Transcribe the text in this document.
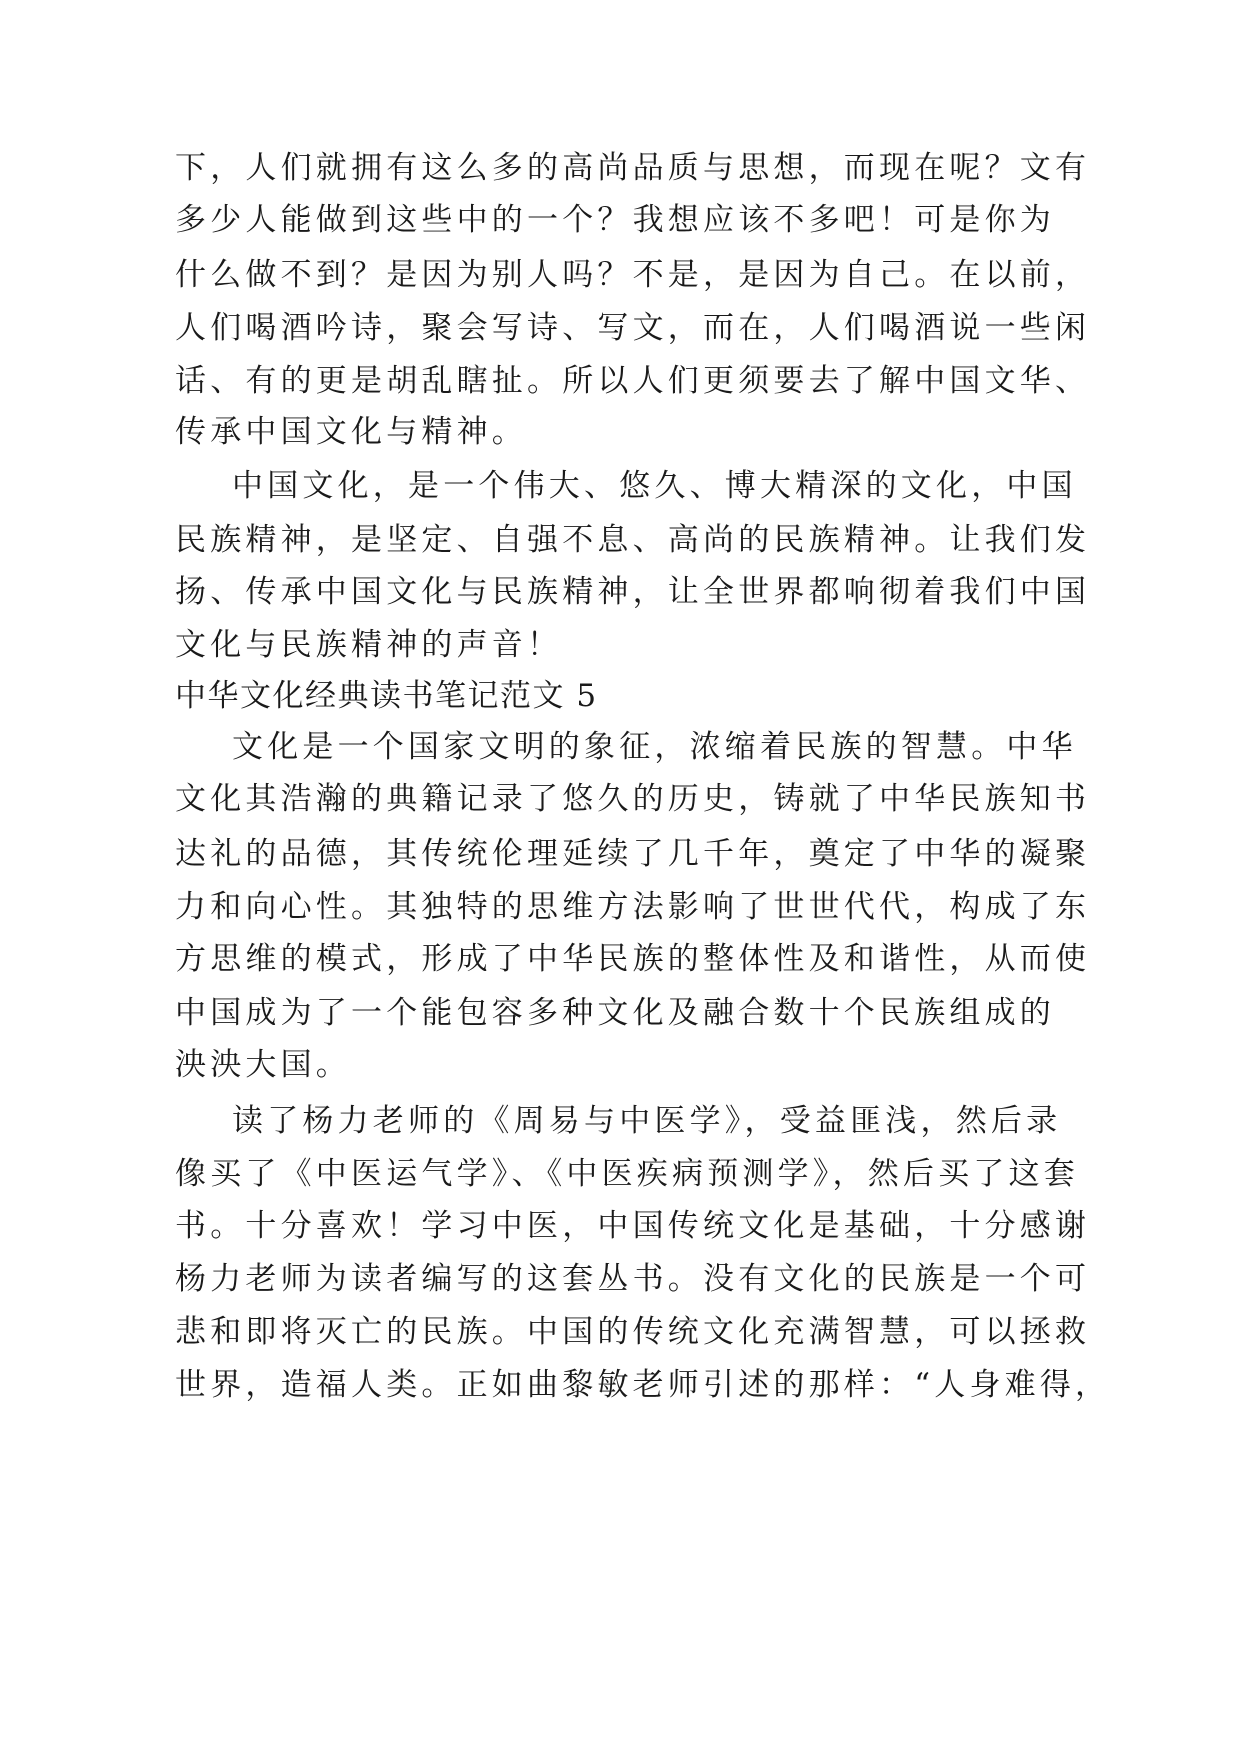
下，人们就拥有这么多的高尚品质与思想，而现在呢？文有
多少人能做到这些中的一个？我想应该不多吧！可是你为
什么做不到？是因为别人吗？不是，是因为自己。在以前，
人们喝酒吟诗，聚会写诗、写文，而在，人们喝酒说一些闲
话、有的更是胡乱瞎扯。所以人们更须要去了解中国文华、
传承中国文化与精神。
中国文化，是一个伟大、悠久、博大精深的文化，中国
民族精神，是坚定、自强不息、高尚的民族精神。让我们发
扬、传承中国文化与民族精神，让全世界都响彻着我们中国
文化与民族精神的声音！
中华文化经典读书笔记范文 5
文化是一个国家文明的象征，浓缩着民族的智慧。中华
文化其浩瀚的典籍记录了悠久的历史，铸就了中华民族知书
达礼的品德，其传统伦理延续了几千年，奠定了中华的凝聚
力和向心性。其独特的思维方法影响了世世代代，构成了东
方思维的模式，形成了中华民族的整体性及和谐性，从而使
中国成为了一个能包容多种文化及融合数十个民族组成的
泱泱大国。
读了杨力老师的《周易与中医学》，受益匪浅，然后录
像买了《中医运气学》、《中医疾病预测学》，然后买了这套
书。十分喜欢！学习中医，中国传统文化是基础，十分感谢
杨力老师为读者编写的这套丛书。没有文化的民族是一个可
悲和即将灭亡的民族。中国的传统文化充满智慧，可以拯救
世界，造福人类。正如曲黎敏老师引述的那样：“人身难得，
